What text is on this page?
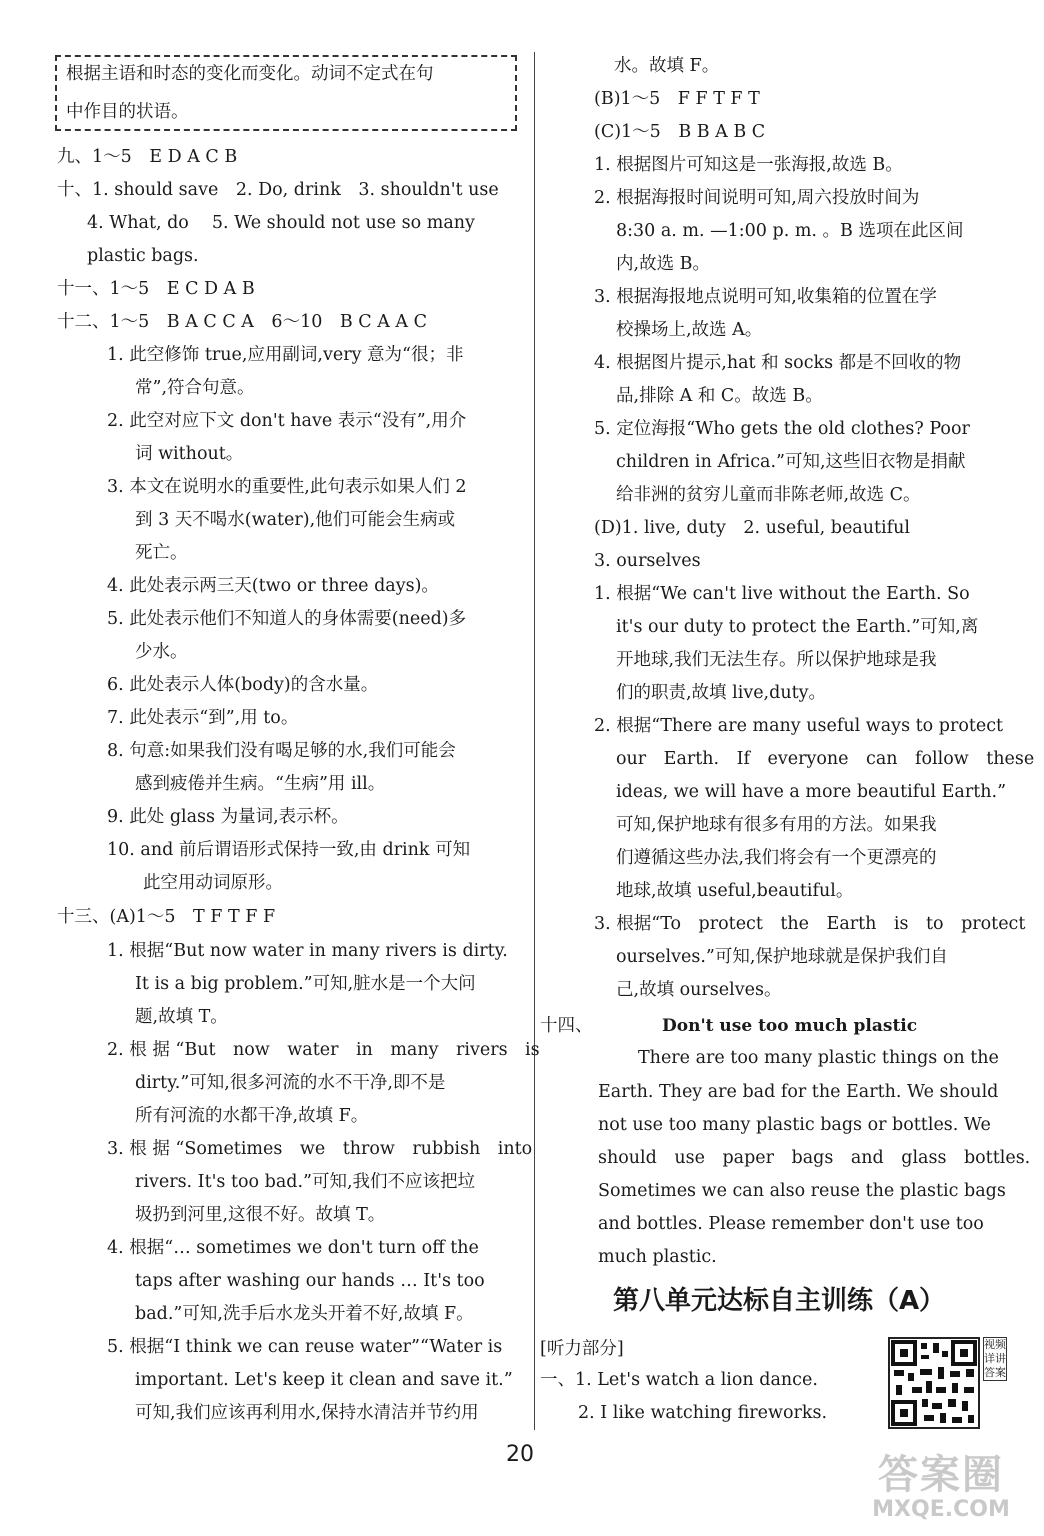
根据主语和时态的变化而变化。动词不定式在句
中作目的状语。
九、1～5　E D A C B
十、1. should save　2. Do, drink　3. shouldn't use
4. What, do　 5. We should not use so many
plastic bags.
十一、1～5　E C D A B
十二、1～5　B A C C A　6～10　B C A A C
1. 此空修饰 true,应用副词,very 意为“很；非
常”,符合句意。
2. 此空对应下文 don't have 表示“没有”,用介
词 without。
3. 本文在说明水的重要性,此句表示如果人们 2
到 3 天不喝水(water),他们可能会生病或
死亡。
4. 此处表示两三天(two or three days)。
5. 此处表示他们不知道人的身体需要(need)多
少水。
6. 此处表示人体(body)的含水量。
7. 此处表示“到”,用 to。
8. 句意:如果我们没有喝足够的水,我们可能会
感到疲倦并生病。“生病”用 ill。
9. 此处 glass 为量词,表示杯。
10. and 前后谓语形式保持一致,由 drink 可知
此空用动词原形。
十三、(A)1～5　T F T F F
1. 根据“But now water in many rivers is dirty.
It is a big problem.”可知,脏水是一个大问
题,故填 T。
2. 根 据 “But　now　water　in　many　rivers　is
dirty.”可知,很多河流的水不干净,即不是
所有河流的水都干净,故填 F。
3. 根 据 “Sometimes　we　throw　rubbish　into
rivers. It's too bad.”可知,我们不应该把垃
圾扔到河里,这很不好。故填 T。
4. 根据“… sometimes we don't turn off the
taps after washing our hands … It's too
bad.”可知,洗手后水龙头开着不好,故填 F。
5. 根据“I think we can reuse water”“Water is
important. Let's keep it clean and save it.”
可知,我们应该再利用水,保持水清洁并节约用
水。故填 F。
(B)1～5　F F T F T
(C)1～5　B B A B C
1. 根据图片可知这是一张海报,故选 B。
2. 根据海报时间说明可知,周六投放时间为
8:30 a. m. —1:00 p. m. 。B 选项在此区间
内,故选 B。
3. 根据海报地点说明可知,收集箱的位置在学
校操场上,故选 A。
4. 根据图片提示,hat 和 socks 都是不回收的物
品,排除 A 和 C。故选 B。
5. 定位海报“Who gets the old clothes? Poor
children in Africa.”可知,这些旧衣物是捐献
给非洲的贫穷儿童而非陈老师,故选 C。
(D)1. live, duty　2. useful, beautiful
3. ourselves
1. 根据“We can't live without the Earth. So
it's our duty to protect the Earth.”可知,离
开地球,我们无法生存。所以保护地球是我
们的职责,故填 live,duty。
2. 根据“There are many useful ways to protect
our　Earth.　If　everyone　can　follow　these
ideas, we will have a more beautiful Earth.”
可知,保护地球有很多有用的方法。如果我
们遵循这些办法,我们将会有一个更漂亮的
地球,故填 useful,beautiful。
3. 根据“To　protect　the　Earth　is　to　protect
ourselves.”可知,保护地球就是保护我们自
己,故填 ourselves。
十四、	Don't use too much plastic
There are too many plastic things on the
Earth. They are bad for the Earth. We should
not use too many plastic bags or bottles. We
should　use　paper　bags　and　glass　bottles.
Sometimes we can also reuse the plastic bags
and bottles. Please remember don't use too
much plastic.
第八单元达标自主训练（A）
[听力部分]
一、1. Let's watch a lion dance.
2. I like watching fireworks.
视频详讲答案
20	答案圈
MXQE.COM
